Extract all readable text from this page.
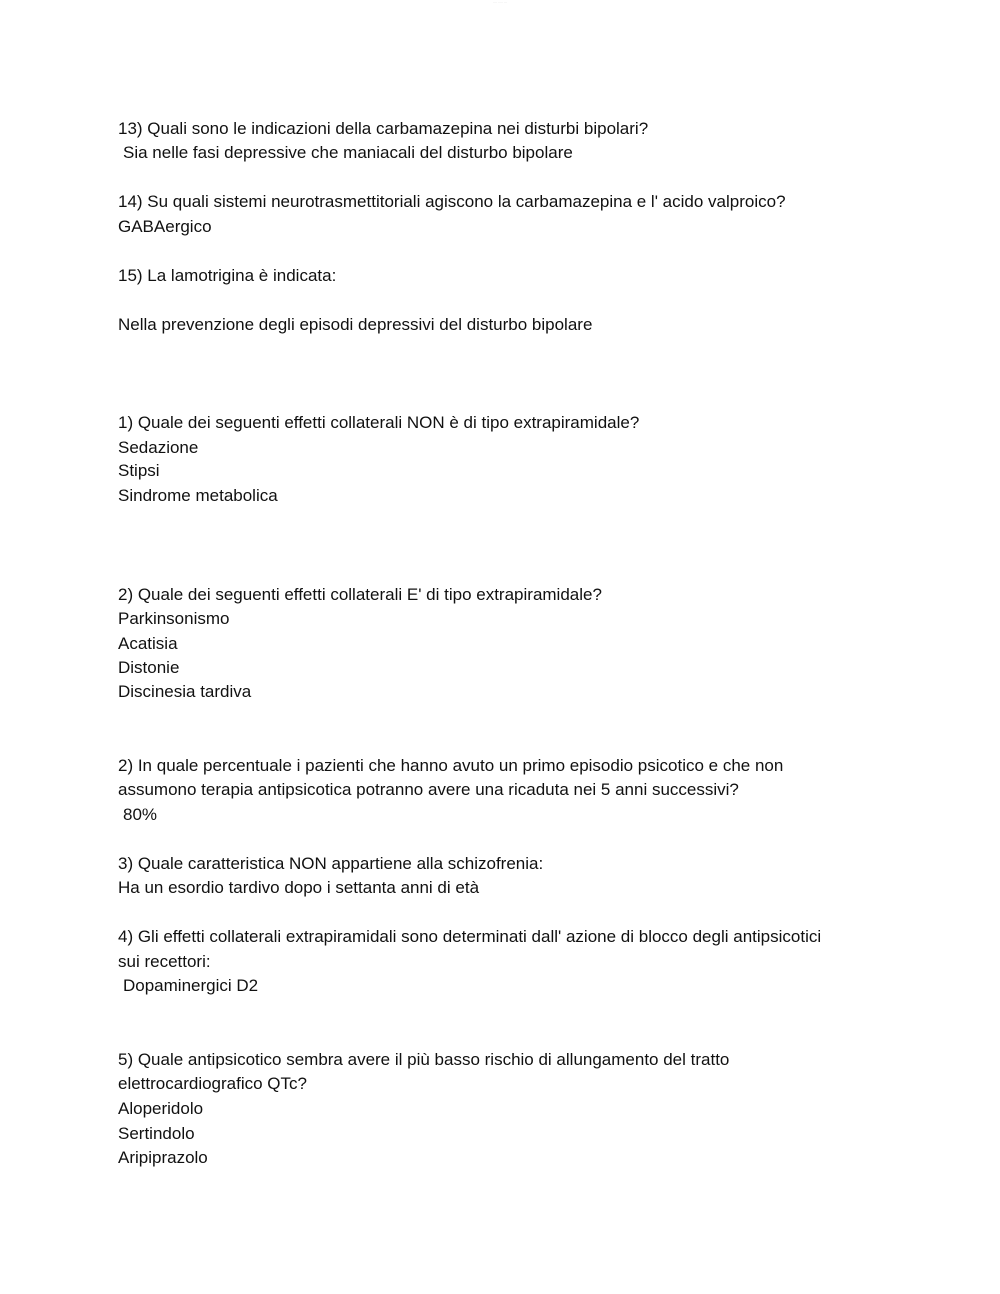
···· ·· ··· ···
13) Quali sono le indicazioni della carbamazepina nei disturbi bipolari?
Sia nelle fasi depressive che maniacali del disturbo bipolare
14) Su quali sistemi neurotrasmettitoriali agiscono la carbamazepina e l' acido valproico?
GABAergico
15) La lamotrigina è indicata:
Nella prevenzione degli episodi depressivi del disturbo bipolare
1) Quale dei seguenti effetti collaterali NON è di tipo extrapiramidale?
Sedazione
Stipsi
Sindrome metabolica
2) Quale dei seguenti effetti collaterali E' di tipo extrapiramidale?
Parkinsonismo
Acatisia
Distonie
Discinesia tardiva
2) In quale percentuale i pazienti che hanno avuto un primo episodio psicotico e che non
assumono terapia antipsicotica potranno avere una ricaduta nei 5 anni successivi?
80%
3) Quale caratteristica NON appartiene alla schizofrenia:
Ha un esordio tardivo dopo i settanta anni di età
4) Gli effetti collaterali extrapiramidali sono determinati dall' azione di blocco degli antipsicotici
sui recettori:
Dopaminergici D2
5) Quale antipsicotico sembra avere il più basso rischio di allungamento del tratto
elettrocardiografico QTc?
Aloperidolo
Sertindolo
Aripiprazolo
